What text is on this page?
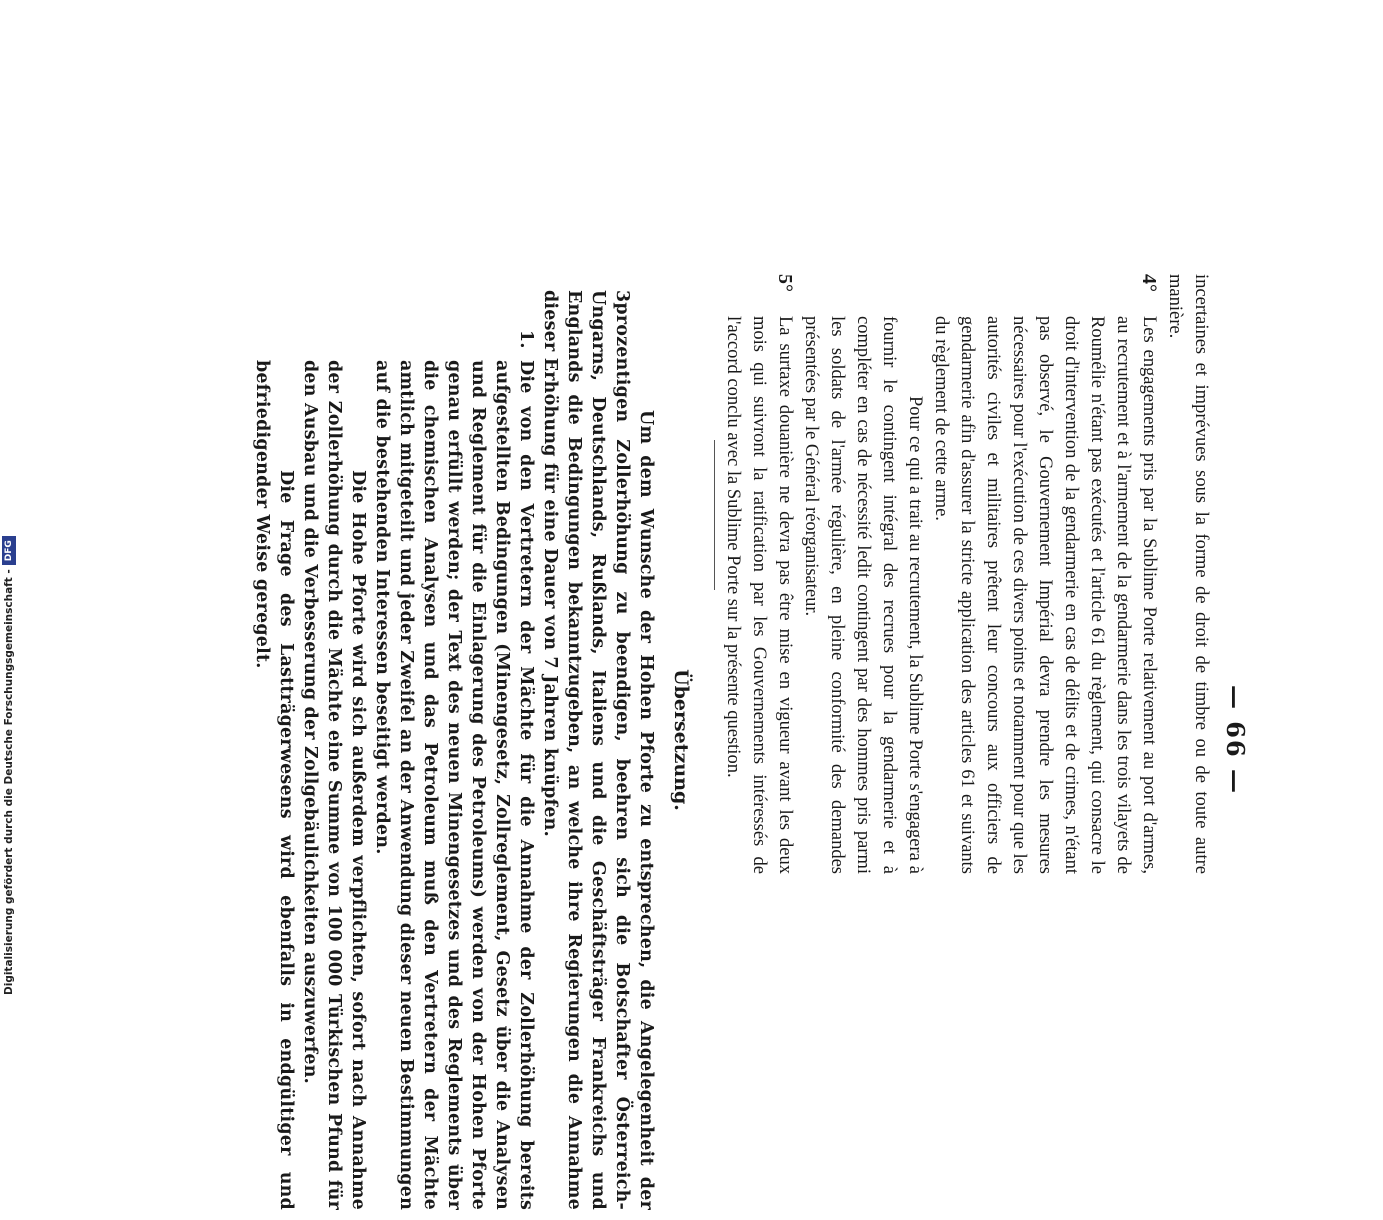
— 66 —

incertaines et imprévues sous la forme de droit de timbre ou de toute autre manière.

4°

Les engagements pris par la Sublime Porte relativement au port d'armes, au recrutement et à l'armement de la gendarmerie dans les trois vilayets de Roumélie n'étant pas exécutés et l'article 61 du règlement, qui consacre le droit d'intervention de la gendarmerie en cas de délits et de crimes, n'étant pas observé, le Gouvernement Impérial devra prendre les mesures nécessaires pour l'exécution de ces divers points et notamment pour que les autorités civiles et militaires prêtent leur concours aux officiers de gendarmerie afin d'assurer la stricte application des articles 61 et suivants du règlement de cette arme.

Pour ce qui a trait au recrutement, la Sublime Porte s'engagera à fournir le contingent intégral des recrues pour la gendarmerie et à compléter en cas de nécessité ledit contingent par des hommes pris parmi les soldats de l'armée régulière, en pleine conformité des demandes présentées par le Général réorganisateur.

5°

La surtaxe douanière ne devra pas être mise en vigueur avant les deux mois qui suivront la ratification par les Gouvernements intéressés de l'accord conclu avec la Sublime Porte sur la présente question.

Übersetzung.

Um dem Wunsche der Hohen Pforte zu entsprechen, die Angelegenheit der 3prozentigen Zollerhöhung zu beendigen, beehren sich die Botschafter Österreich-Ungarns, Deutschlands, Rußlands, Italiens und die Geschäftsträger Frankreichs und Englands die Bedingungen bekanntzugeben, an welche ihre Regierungen die Annahme dieser Erhöhung für eine Dauer von 7 Jahren knüpfen.

1.

Die von den Vertretern der Mächte für die Annahme der Zollerhöhung bereits aufgestellten Bedingungen (Minengesetz, Zollreglement, Gesetz über die Analysen und Reglement für die Einlagerung des Petroleums) werden von der Hohen Pforte genau erfüllt werden; der Text des neuen Minengesetzes und des Reglements über die chemischen Analysen und das Petroleum muß den Vertretern der Mächte amtlich mitgeteilt und jeder Zweifel an der Anwendung dieser neuen Bestimmungen auf die bestehenden Interessen beseitigt werden.

Die Hohe Pforte wird sich außerdem verpflichten, sofort nach Annahme der Zollerhöhung durch die Mächte eine Summe von 100 000 Türkischen Pfund für den Ausbau und die Verbesserung der Zollgebäulichkeiten auszuwerfen.

Die Frage des Lastträgerwesens wird ebenfalls in endgültiger und befriedigender Weise geregelt.

Digitalisierung gefördert durch die Deutsche Forschungsgemeinschaft -DFG
